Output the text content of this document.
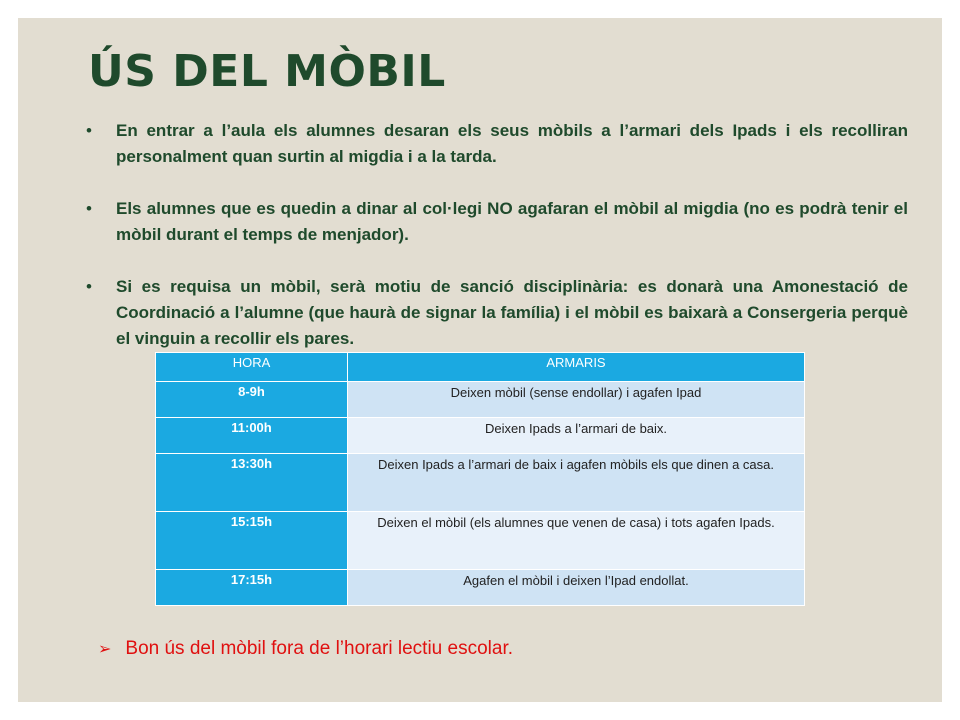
ÚS DEL MÒBIL
• En entrar a l’aula els alumnes desaran els seus mòbils a l’armari dels Ipads i els recolliran personalment quan surtin al migdia i a la tarda.
• Els alumnes que es quedin a dinar al col·legi NO agafaran el mòbil al migdia (no es podrà tenir el mòbil durant el temps de menjador).
• Si es requisa un mòbil, serà motiu de sanció disciplinària: es donarà una Amonestació de Coordinació a l’alumne (que haurà de signar la família) i el mòbil es baixarà a Consergeria perquè el vinguin a recollir els pares.
HORA	ARMARIS
8-9h	Deixen mòbil (sense endollar) i agafen Ipad
11:00h	Deixen Ipads a l’armari de baix.
13:30h	Deixen Ipads a l’armari de baix i agafen mòbils els que dinen a casa.
15:15h	Deixen el mòbil (els alumnes que venen de casa) i tots agafen Ipads.
17:15h	Agafen el mòbil i deixen l’Ipad endollat.
➢ Bon ús del mòbil fora de l’horari lectiu escolar.
